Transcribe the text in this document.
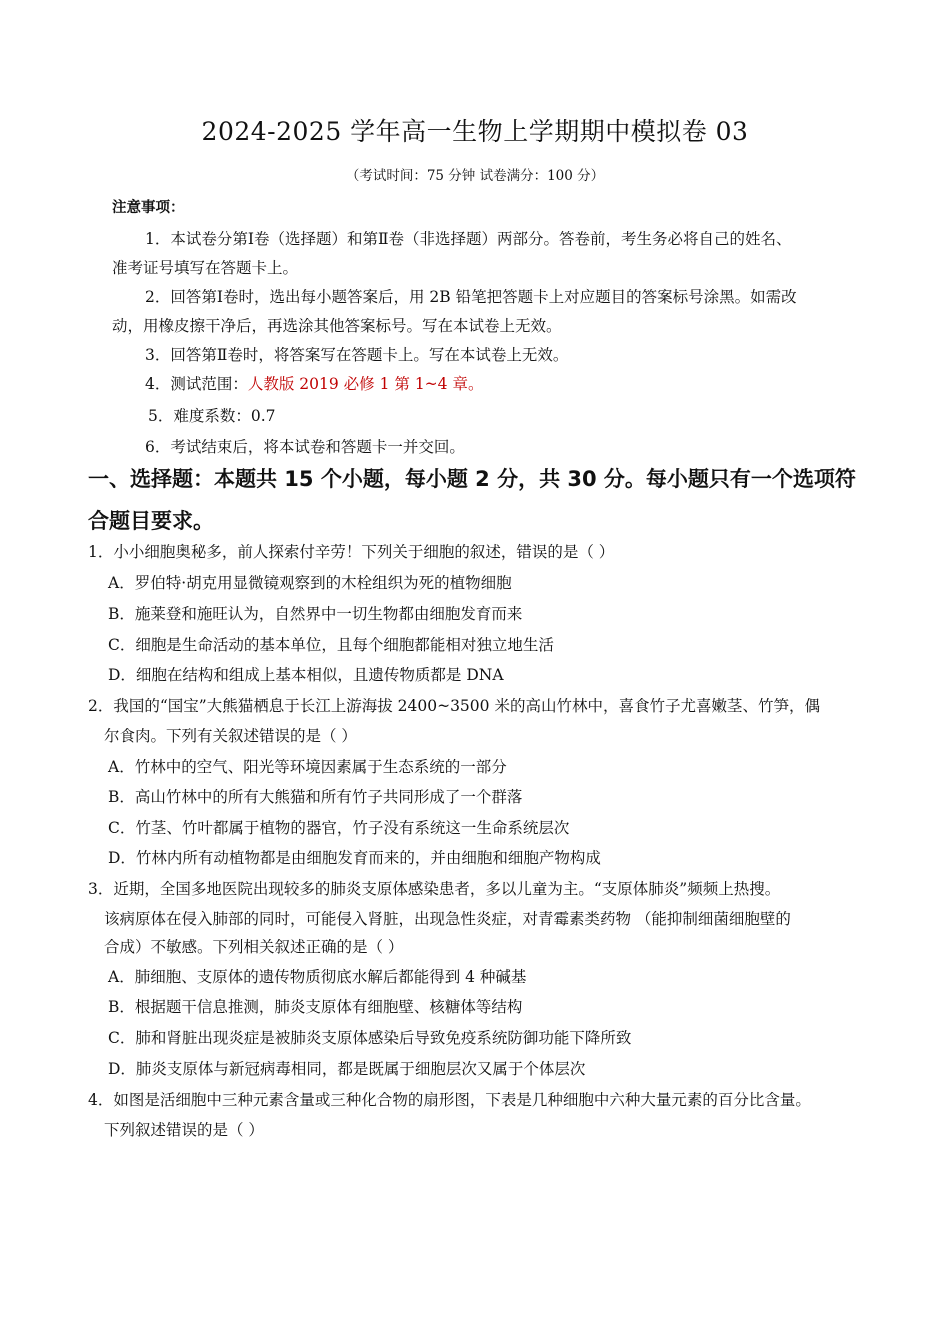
2024-2025 学年高一生物上学期期中模拟卷 03
（考试时间：75 分钟 试卷满分：100 分）
注意事项：
1．本试卷分第Ⅰ卷（选择题）和第Ⅱ卷（非选择题）两部分。答卷前，考生务必将自己的姓名、
准考证号填写在答题卡上。
2．回答第Ⅰ卷时，选出每小题答案后，用 2B 铅笔把答题卡上对应题目的答案标号涂黑。如需改
动，用橡皮擦干净后，再选涂其他答案标号。写在本试卷上无效。
3．回答第Ⅱ卷时，将答案写在答题卡上。写在本试卷上无效。
4．测试范围：人教版 2019 必修 1 第 1~4 章。
5．难度系数：0.7
6．考试结束后，将本试卷和答题卡一并交回。
一、选择题：本题共 15 个小题，每小题 2 分，共 30 分。每小题只有一个选项符
合题目要求。
1．小小细胞奥秘多，前人探索付辛劳！下列关于细胞的叙述，错误的是（ ）
A．罗伯特·胡克用显微镜观察到的木栓组织为死的植物细胞
B．施莱登和施旺认为，自然界中一切生物都由细胞发育而来
C．细胞是生命活动的基本单位，且每个细胞都能相对独立地生活
D．细胞在结构和组成上基本相似，且遗传物质都是 DNA
2．我国的“国宝”大熊猫栖息于长江上游海拔 2400~3500 米的高山竹林中，喜食竹子尤喜嫩茎、竹笋，偶
尔食肉。下列有关叙述错误的是（ ）
A．竹林中的空气、阳光等环境因素属于生态系统的一部分
B．高山竹林中的所有大熊猫和所有竹子共同形成了一个群落
C．竹茎、竹叶都属于植物的器官，竹子没有系统这一生命系统层次
D．竹林内所有动植物都是由细胞发育而来的，并由细胞和细胞产物构成
3．近期，全国多地医院出现较多的肺炎支原体感染患者，多以儿童为主。“支原体肺炎”频频上热搜。
该病原体在侵入肺部的同时，可能侵入肾脏，出现急性炎症，对青霉素类药物 （能抑制细菌细胞壁的
合成）不敏感。下列相关叙述正确的是（ ）
A．肺细胞、支原体的遗传物质彻底水解后都能得到 4 种碱基
B．根据题干信息推测，肺炎支原体有细胞壁、核糖体等结构
C．肺和肾脏出现炎症是被肺炎支原体感染后导致免疫系统防御功能下降所致
D．肺炎支原体与新冠病毒相同，都是既属于细胞层次又属于个体层次
4．如图是活细胞中三种元素含量或三种化合物的扇形图，下表是几种细胞中六种大量元素的百分比含量。
下列叙述错误的是（ ）
